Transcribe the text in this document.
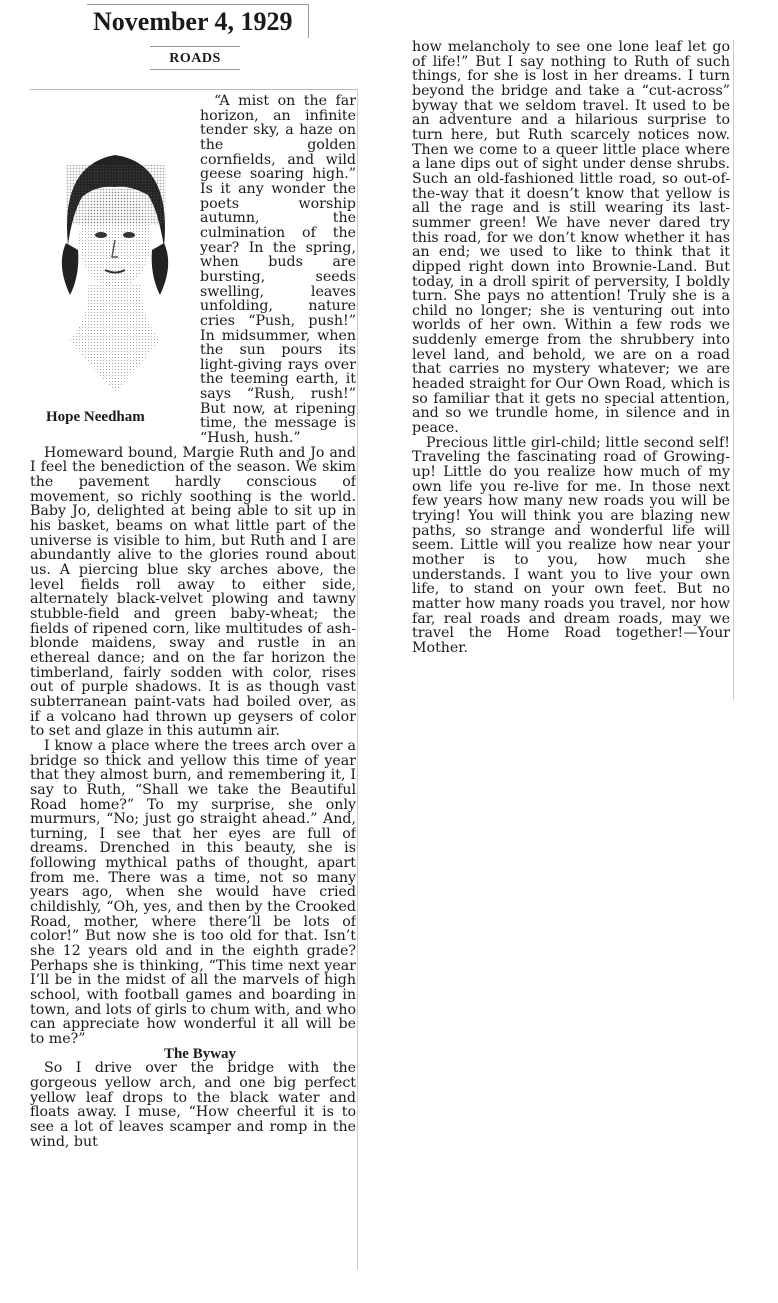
November 4, 1929
ROADS
Hope Needham

“A mist on the far horizon, an infinite tender sky, a haze on the golden cornfields, and wild geese soaring high.” Is it any wonder the poets worship autumn, the culmination of the year? In the spring, when buds are bursting, seeds swelling, leaves unfolding, nature cries “Push, push!” In midsummer, when the sun pours its light-giving rays over the teeming earth, it says “Rush, rush!” But now, at ripening time, the message is “Hush, hush.”

Homeward bound, Margie Ruth and Jo and I feel the benediction of the season. We skim the pavement hardly conscious of movement, so richly soothing is the world. Baby Jo, delighted at being able to sit up in his basket, beams on what little part of the universe is visible to him, but Ruth and I are abundantly alive to the glories round about us. A piercing blue sky arches above, the level fields roll away to either side, alternately black-velvet plowing and tawny stubble-field and green baby-wheat; the fields of ripened corn, like multitudes of ash-blonde maidens, sway and rustle in an ethereal dance; and on the far horizon the timberland, fairly sodden with color, rises out of purple shadows. It is as though vast subterranean paint-vats had boiled over, as if a volcano had thrown up geysers of color to set and glaze in this autumn air.

I know a place where the trees arch over a bridge so thick and yellow this time of year that they almost burn, and remembering it, I say to Ruth, “Shall we take the Beautiful Road home?” To my surprise, she only murmurs, “No; just go straight ahead.” And, turning, I see that her eyes are full of dreams. Drenched in this beauty, she is following mythical paths of thought, apart from me. There was a time, not so many years ago, when she would have cried childishly, “Oh, yes, and then by the Crooked Road, mother, where there’ll be lots of color!” But now she is too old for that. Isn’t she 12 years old and in the eighth grade? Perhaps she is thinking, “This time next year I’ll be in the midst of all the marvels of high school, with football games and boarding in town, and lots of girls to chum with, and who can appreciate how wonderful it all will be to me?”

The Byway

So I drive over the bridge with the gorgeous yellow arch, and one big perfect yellow leaf drops to the black water and floats away. I muse, “How cheerful it is to see a lot of leaves scamper and romp in the wind, but

how melancholy to see one lone leaf let go of life!” But I say nothing to Ruth of such things, for she is lost in her dreams. I turn beyond the bridge and take a “cut-across” byway that we seldom travel. It used to be an adventure and a hilarious surprise to turn here, but Ruth scarcely notices now. Then we come to a queer little place where a lane dips out of sight under dense shrubs. Such an old-fashioned little road, so out-of-the-way that it doesn’t know that yellow is all the rage and is still wearing its last-summer green! We have never dared try this road, for we don’t know whether it has an end; we used to like to think that it dipped right down into Brownie-Land. But today, in a droll spirit of perversity, I boldly turn. She pays no attention! Truly she is a child no longer; she is venturing out into worlds of her own. Within a few rods we suddenly emerge from the shrubbery into level land, and behold, we are on a road that carries no mystery whatever; we are headed straight for Our Own Road, which is so familiar that it gets no special attention, and so we trundle home, in silence and in peace.

Precious little girl-child; little second self! Traveling the fascinating road of Growing-up! Little do you realize how much of my own life you re-live for me. In those next few years how many new roads you will be trying! You will think you are blazing new paths, so strange and wonderful life will seem. Little will you realize how near your mother is to you, how much she understands. I want you to live your own life, to stand on your own feet. But no matter how many roads you travel, nor how far, real roads and dream roads, may we travel the Home Road together!—Your Mother.
